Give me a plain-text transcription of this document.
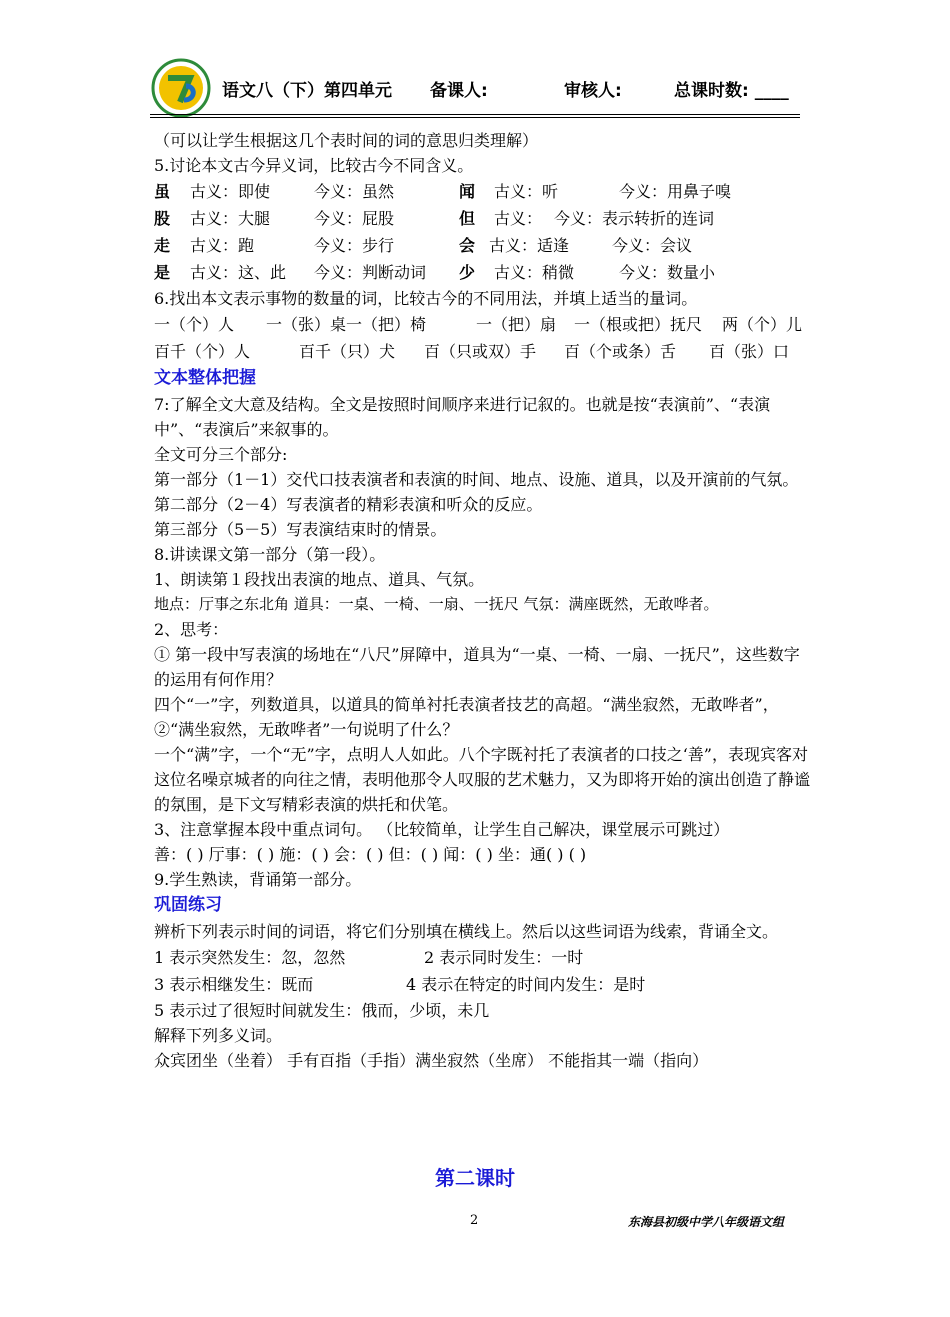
语文八（下）第四单元 备课人:	审核人:	总课时数: ____
（可以让学生根据这几个表时间的词的意思归类理解）
5.讨论本文古今异义词，比较古今不同含义。
虽 古义：即使	今义：虽然	闻 古义：听	今义：用鼻子嗅
股 古义：大腿	今义：屁股	但 古义： 今义：表示转折的连词
走 古义：跑	今义：步行	会 古义：适逢	今义：会议
是 古义：这、此 今义：判断动词 少 古义：稍微	今义：数量小
6.找出本文表示事物的数量的词，比较古今的不同用法，并填上适当的量词。
一（个）人 一（张）桌一（把）椅	一（把）扇 一（根或把）抚尺 两（个）儿
百千（个）人	百千（只）犬 百（只或双）手 百（个或条）舌 百（张）口
文本整体把握
7:了解全文大意及结构。全文是按照时间顺序来进行记叙的。也就是按“表演前”、“表演中”、“表演后”来叙事的。
全文可分三个部分:
第一部分（1－1）交代口技表演者和表演的时间、地点、设施、道具，以及开演前的气氛。
第二部分（2－4）写表演者的精彩表演和听众的反应。
第三部分（5－5）写表演结束时的情景。
8.讲读课文第一部分（第一段）。
1、朗读第１段找出表演的地点、道具、气氛。
地点：厅事之东北角 道具：一桌、一椅、一扇、一抚尺 气氛：满座既然，无敢哗者。
2、思考：
① 第一段中写表演的场地在“八尺”屏障中，道具为“一桌、一椅、一扇、一抚尺”，这些数字的运用有何作用？
四个“一”字，列数道具，以道具的简单衬托表演者技艺的高超。“满坐寂然，无敢哗者”，②“满坐寂然，无敢哗者”一句说明了什么？
一个“满”字，一个“无”字，点明人人如此。八个字既衬托了表演者的口技之‘善”，表现宾客对这位名噪京城者的向往之情，表明他那令人叹服的艺术魅力，又为即将开始的演出创造了静谧的氛围，是下文写精彩表演的烘托和伏笔。
3、注意掌握本段中重点词句。 （比较简单，让学生自己解决，课堂展示可跳过）
善：( ) 厅事：( ) 施：( ) 会：( ) 但：( ) 闻：( ) 坐：通( ) ( )
9.学生熟读，背诵第一部分。
巩固练习
辨析下列表示时间的词语，将它们分别填在横线上。然后以这些词语为线索，背诵全文。
1 表示突然发生：忽，忽然	2 表示同时发生：一时
3 表示相继发生：既而	4 表示在特定的时间内发生：是时
5 表示过了很短时间就发生：俄而，少顷，未几
解释下列多义词。
众宾团坐（坐着） 手有百指（手指）满坐寂然（坐席） 不能指其一端（指向）
第二课时
2	东海县初级中学八年级语文组
